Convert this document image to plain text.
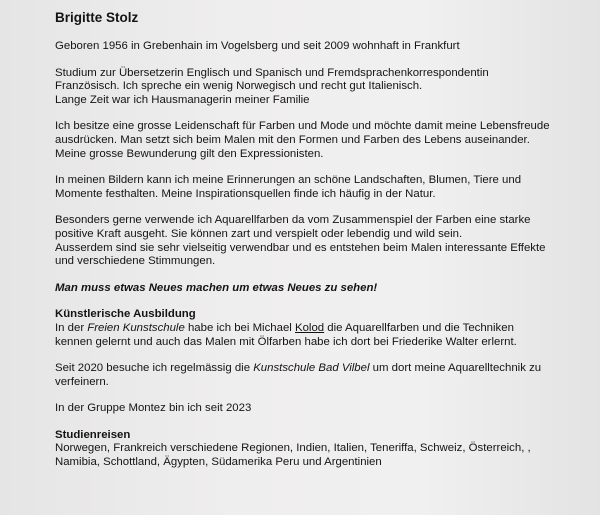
Brigitte Stolz
Geboren 1956 in Grebenhain im Vogelsberg und seit 2009 wohnhaft in Frankfurt
Studium zur Übersetzerin Englisch und Spanisch und Fremdsprachenkorrespondentin
Französisch. Ich spreche ein wenig Norwegisch und recht gut Italienisch.
Lange Zeit war ich Hausmanagerin meiner Familie
Ich besitze eine grosse Leidenschaft für Farben und Mode und möchte damit meine Lebensfreude
ausdrücken. Man setzt sich beim Malen mit den Formen und Farben des Lebens auseinander.
Meine grosse Bewunderung gilt den Expressionisten.
In meinen Bildern kann ich meine Erinnerungen an schöne Landschaften, Blumen, Tiere und
Momente festhalten. Meine Inspirationsquellen finde ich häufig in der Natur.
Besonders gerne verwende ich Aquarellfarben da vom Zusammenspiel der Farben eine starke
positive Kraft ausgeht. Sie können zart und verspielt oder lebendig und wild sein.
Ausserdem sind sie sehr vielseitig verwendbar und es entstehen beim Malen interessante Effekte
und verschiedene Stimmungen.
Man muss etwas Neues machen um etwas Neues zu sehen!
Künstlerische Ausbildung
In der Freien Kunstschule habe ich bei Michael Kolod die Aquarellfarben und die Techniken
kennen gelernt und auch das Malen mit Ölfarben habe ich dort bei Friederike Walter erlernt.
Seit 2020 besuche ich regelmässig die Kunstschule Bad Vilbel um dort meine Aquarelltechnik zu
verfeinern.
In der Gruppe Montez bin ich seit 2023
Studienreisen
Norwegen, Frankreich verschiedene Regionen, Indien, Italien, Teneriffa, Schweiz, Österreich, ,
Namibia, Schottland, Ägypten, Südamerika Peru und Argentinien
